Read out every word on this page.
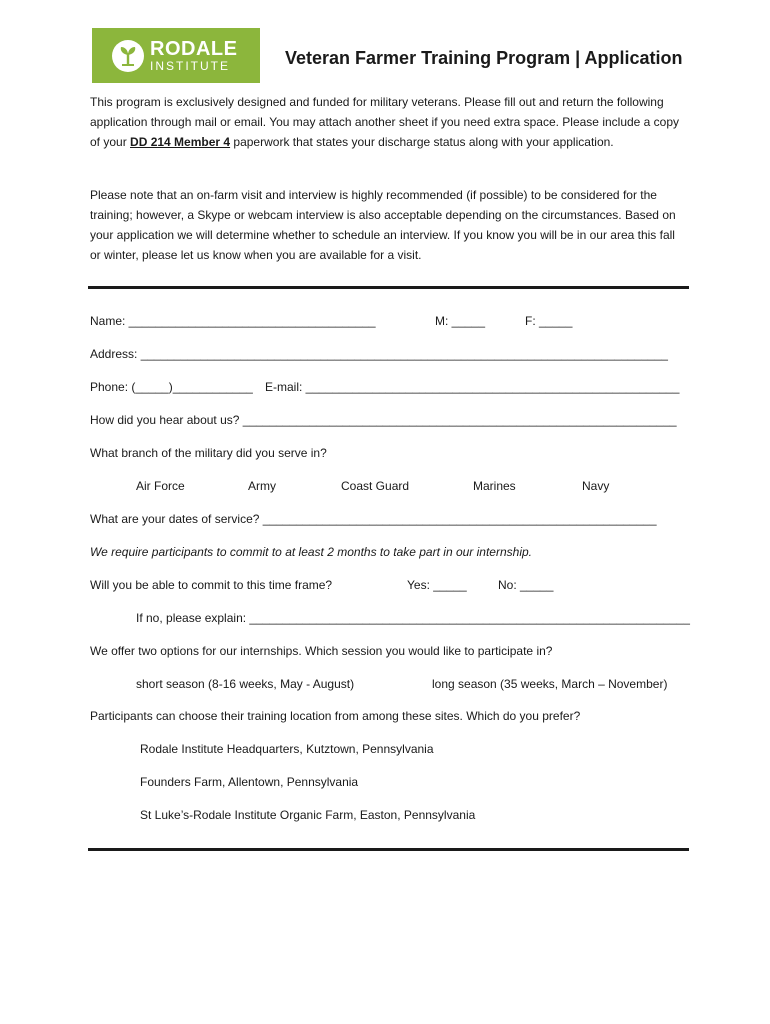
RODALE
INSTITUTE	Veteran Farmer Training Program | Application

This program is exclusively designed and funded for military veterans. Please fill out and return the following application through mail or email. You may attach another sheet if you need extra space. Please include a copy of your DD 214 Member 4 paperwork that states your discharge status along with your application.

Please note that an on-farm visit and interview is highly recommended (if possible) to be considered for the training; however, a Skype or webcam interview is also acceptable depending on the circumstances. Based on your application we will determine whether to schedule an interview. If you know you will be in our area this fall or winter, please let us know when you are available for a visit.

Name: _____________________________________	M: _____	F: _____
Address: _______________________________________________________________________________
Phone: (_____)____________ E-mail: ________________________________________________________
How did you hear about us? _________________________________________________________________
What branch of the military did you serve in?
Air Force	Army	Coast Guard	Marines	Navy
What are your dates of service? ___________________________________________________________
We require participants to commit to at least 2 months to take part in our internship.
Will you be able to commit to this time frame?	Yes: _____	No: _____
If no, please explain: __________________________________________________________________
We offer two options for our internships. Which session you would like to participate in?
short season (8-16 weeks, May - August)	long season (35 weeks, March – November)
Participants can choose their training location from among these sites. Which do you prefer?
Rodale Institute Headquarters, Kutztown, Pennsylvania
Founders Farm, Allentown, Pennsylvania
St Luke’s-Rodale Institute Organic Farm, Easton, Pennsylvania
